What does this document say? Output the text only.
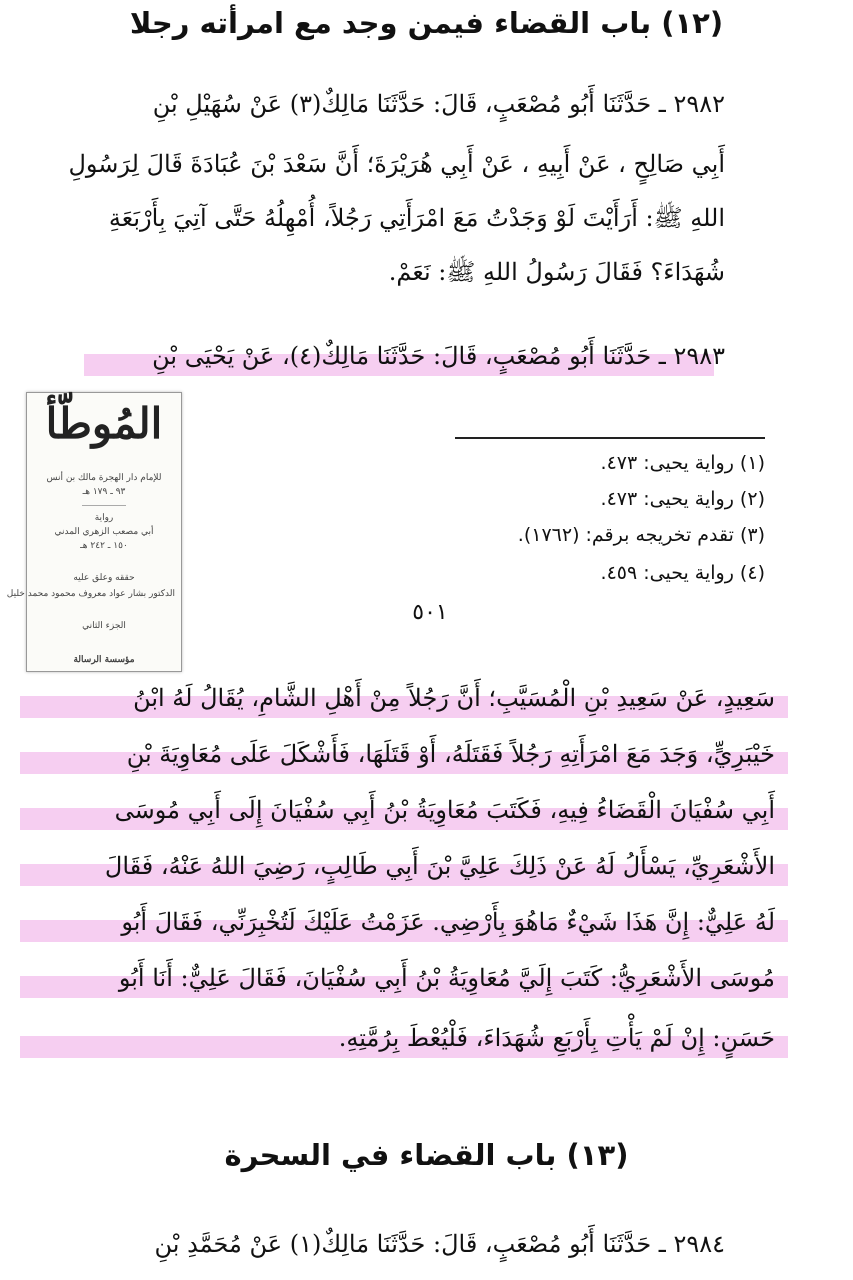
(١٢) باب القضاء فيمن وجد مع امرأته رجلا
٢٩٨٢ ـ حَدَّثَنَا أَبُو مُصْعَبٍ، قَالَ: حَدَّثَنَا مَالِكٌ(٣) عَنْ سُهَيْلِ بْنِ
أَبِي صَالِحٍ ، عَنْ أَبِيهِ ، عَنْ أَبِي هُرَيْرَةَ؛ أَنَّ سَعْدَ بْنَ عُبَادَةَ قَالَ لِرَسُولِ
اللهِ ﷺ: أَرَأَيْتَ لَوْ وَجَدْتُ مَعَ امْرَأَتِي رَجُلاً، أُمْهِلُهُ حَتَّى آتِيَ بِأَرْبَعَةِ
شُهَدَاءَ؟ فَقَالَ رَسُولُ اللهِ ﷺ: نَعَمْ.
٢٩٨٣ ـ حَدَّثَنَا أَبُو مُصْعَبٍ، قَالَ: حَدَّثَنَا مَالِكٌ(٤)، عَنْ يَحْيَى بْنِ
المُوطّأ
للإمام دار الهجرة مالك بن أنس
٩٣ ـ ١٧٩ هـ
رواية
أبي مصعب الزهري المدني
١٥٠ ـ ٢٤٢ هـ
حققه وعلق عليه
الدكتور بشار عواد معروف محمود محمد خليل
الجزء الثاني
مؤسسة الرسالة
(١) رواية يحيى: ٤٧٣.
(٢) رواية يحيى: ٤٧٣.
(٣) تقدم تخريجه برقم: (١٧٦٢).
(٤) رواية يحيى: ٤٥٩.
٥٠١
سَعِيدٍ، عَنْ سَعِيدِ بْنِ الْمُسَيَّبِ؛ أَنَّ رَجُلاً مِنْ أَهْلِ الشَّامِ، يُقَالُ لَهُ ابْنُ
خَيْبَرِيٍّ، وَجَدَ مَعَ امْرَأَتِهِ رَجُلاً فَقَتَلَهُ، أَوْ قَتَلَهَا، فَأَشْكَلَ عَلَى مُعَاوِيَةَ بْنِ
أَبِي سُفْيَانَ الْقَضَاءُ فِيهِ، فَكَتَبَ مُعَاوِيَةُ بْنُ أَبِي سُفْيَانَ إِلَى أَبِي مُوسَى
الأَشْعَرِيِّ، يَسْأَلُ لَهُ عَنْ ذَلِكَ عَلِيَّ بْنَ أَبِي طَالِبٍ، رَضِيَ اللهُ عَنْهُ، فَقَالَ
لَهُ عَلِيٌّ: إِنَّ هَذَا شَيْءٌ مَاهُوَ بِأَرْضِي. عَزَمْتُ عَلَيْكَ لَتُخْبِرَنِّي، فَقَالَ أَبُو
مُوسَى الأَشْعَرِيُّ: كَتَبَ إِلَيَّ مُعَاوِيَةُ بْنُ أَبِي سُفْيَانَ، فَقَالَ عَلِيٌّ: أَنَا أَبُو
حَسَنٍ: إِنْ لَمْ يَأْتِ بِأَرْبَعِ شُهَدَاءَ، فَلْيُعْطَ بِرُمَّتِهِ.
(١٣) باب القضاء في السحرة
٢٩٨٤ ـ حَدَّثَنَا أَبُو مُصْعَبٍ، قَالَ: حَدَّثَنَا مَالِكٌ(١) عَنْ مُحَمَّدِ بْنِ
